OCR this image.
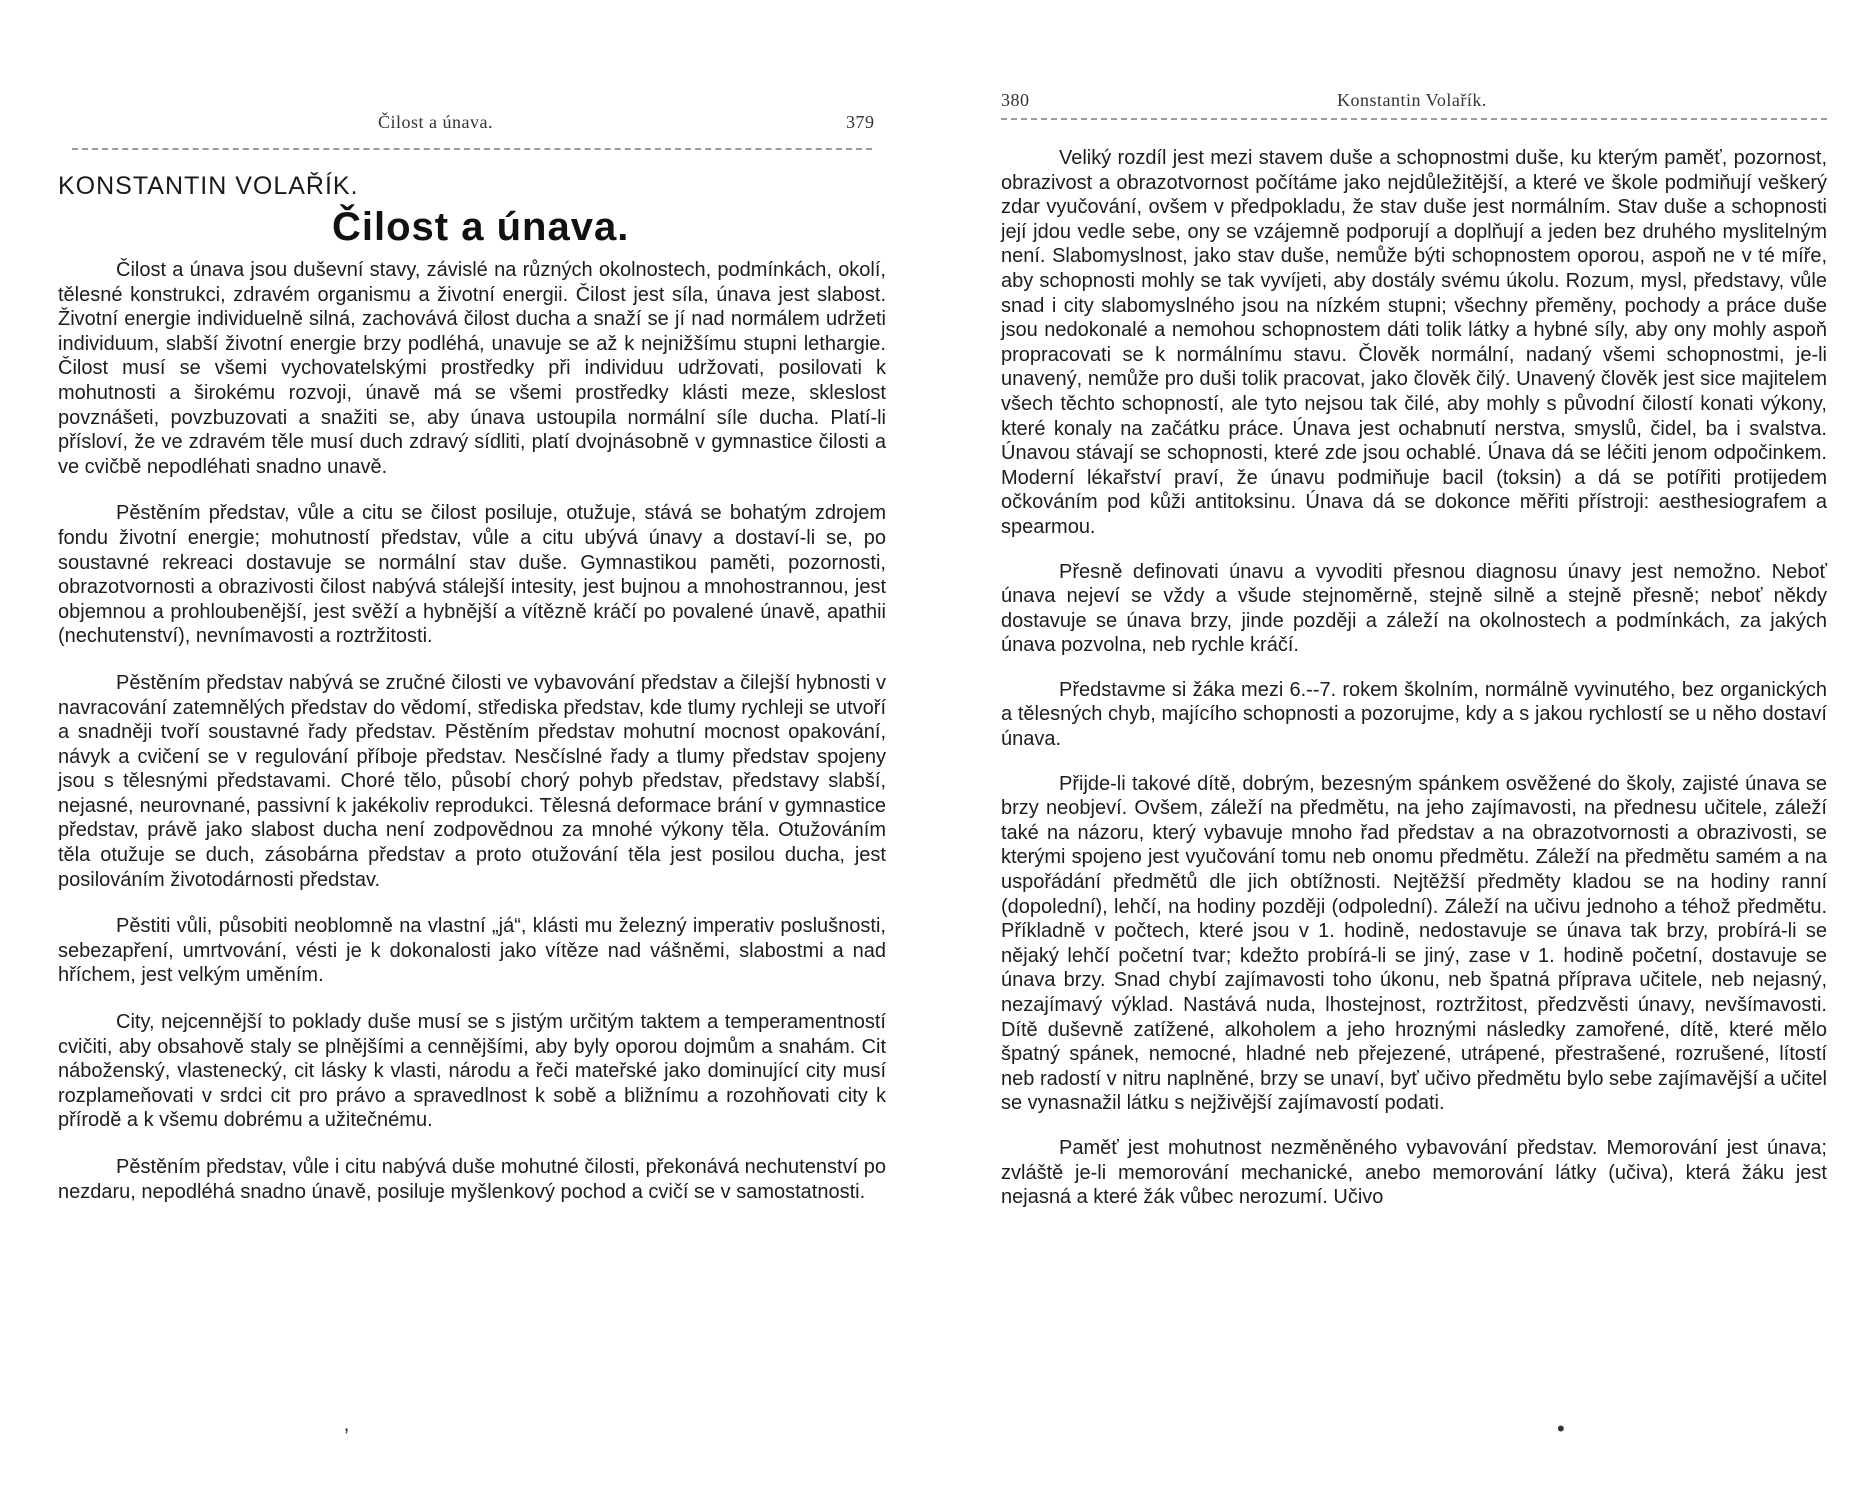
Čilost a únava.	379
KONSTANTIN VOLAŘÍK.
Čilost a únava.

Čilost a únava jsou duševní stavy, závislé na různých okolnostech, podmínkách, okolí, tělesné konstrukci, zdravém organismu a životní energii. Čilost jest síla, únava jest slabost. Životní energie individuelně silná, zachovává čilost ducha a snaží se jí nad normálem udržeti individuum, slabší životní energie brzy podléhá, unavuje se až k nejnižšímu stupni lethargie. Čilost musí se všemi vychovatelskými prostředky při individuu udržovati, posilovati k mohutnosti a širokému rozvoji, únavě má se všemi prostředky klásti meze, skleslost povznášeti, povzbuzovati a snažiti se, aby únava ustoupila normální síle ducha. Platí-li přísloví, že ve zdravém těle musí duch zdravý sídliti, platí dvojnásobně v gymnastice čilosti a ve cvičbě nepodléhati snadno unavě.

Pěstěním představ, vůle a citu se čilost posiluje, otužuje, stává se bohatým zdrojem fondu životní energie; mohutností představ, vůle a citu ubývá únavy a dostaví-li se, po soustavné rekreaci dostavuje se normální stav duše. Gymnastikou paměti, pozornosti, obrazotvornosti a obrazivosti čilost nabývá stálejší intesity, jest bujnou a mnohostrannou, jest objemnou a prohloubenější, jest svěží a hybnější a vítězně kráčí po povalené únavě, apathii (nechutenství), nevnímavosti a roztržitosti.

Pěstěním představ nabývá se zručné čilosti ve vybavování představ a čilejší hybnosti v navracování zatemnělých představ do vědomí, střediska představ, kde tlumy rychleji se utvoří a snadněji tvoří soustavné řady představ. Pěstěním představ mohutní mocnost opakování, návyk a cvičení se v regulování příboje představ. Nesčíslné řady a tlumy představ spojeny jsou s tělesnými představami. Choré tělo, působí chorý pohyb představ, představy slabší, nejasné, neurovnané, passivní k jakékoliv reprodukci. Tělesná deformace brání v gymnastice představ, právě jako slabost ducha není zodpovědnou za mnohé výkony těla. Otužováním těla otužuje se duch, zásobárna představ a proto otužování těla jest posilou ducha, jest posilováním životodárnosti představ.

Pěstiti vůli, působiti neoblomně na vlastní „já“, klásti mu železný imperativ poslušnosti, sebezapření, umrtvování, vésti je k dokonalosti jako vítěze nad vášněmi, slabostmi a nad hříchem, jest velkým uměním.

City, nejcennější to poklady duše musí se s jistým určitým taktem a temperamentností cvičiti, aby obsahově staly se plnějšími a cennějšími, aby byly oporou dojmům a snahám. Cit náboženský, vlastenecký, cit lásky k vlasti, národu a řeči mateřské jako dominující city musí rozplameňovati v srdci cit pro právo a spravedlnost k sobě a bližnímu a rozohňovati city k přírodě a k všemu dobrému a užitečnému.

Pěstěním představ, vůle i citu nabývá duše mohutné čilosti, překonává nechutenství po nezdaru, nepodléhá snadno únavě, posiluje myšlenkový pochod a cvičí se v samostatnosti.

’
380	Konstantin Volařík.

Veliký rozdíl jest mezi stavem duše a schopnostmi duše, ku kterým paměť, pozornost, obrazivost a obrazotvornost počítáme jako nejdůležitější, a které ve škole podmiňují veškerý zdar vyučování, ovšem v předpokladu, že stav duše jest normálním. Stav duše a schopnosti její jdou vedle sebe, ony se vzájemně podporují a doplňují a jeden bez druhého myslitelným není. Slabomyslnost, jako stav duše, nemůže býti schopnostem oporou, aspoň ne v té míře, aby schopnosti mohly se tak vyvíjeti, aby dostály svému úkolu. Rozum, mysl, představy, vůle snad i city slabomyslného jsou na nízkém stupni; všechny přeměny, pochody a práce duše jsou nedokonalé a nemohou schopnostem dáti tolik látky a hybné síly, aby ony mohly aspoň propracovati se k normálnímu stavu. Člověk normální, nadaný všemi schopnostmi, je-li unavený, nemůže pro duši tolik pracovat, jako člověk čilý. Unavený člověk jest sice majitelem všech těchto schopností, ale tyto nejsou tak čilé, aby mohly s původní čilostí konati výkony, které konaly na začátku práce. Únava jest ochabnutí nerstva, smyslů, čidel, ba i svalstva. Únavou stávají se schopnosti, které zde jsou ochablé. Únava dá se léčiti jenom odpočinkem. Moderní lékařství praví, že únavu podmiňuje bacil (toksin) a dá se potířiti protijedem očkováním pod kůži antitoksinu. Únava dá se dokonce měřiti přístroji: aesthesiografem a spearmou.

Přesně definovati únavu a vyvoditi přesnou diagnosu únavy jest nemožno. Neboť únava nejeví se vždy a všude stejnoměrně, stejně silně a stejně přesně; neboť někdy dostavuje se únava brzy, jinde později a záleží na okolnostech a podmínkách, za jakých únava pozvolna, neb rychle kráčí.

Představme si žáka mezi 6.--7. rokem školním, normálně vyvinutého, bez organických a tělesných chyb, majícího schopnosti a pozorujme, kdy a s jakou rychlostí se u něho dostaví únava.

Přijde-li takové dítě, dobrým, bezesným spánkem osvěžené do školy, zajisté únava se brzy neobjeví. Ovšem, záleží na předmětu, na jeho zajímavosti, na přednesu učitele, záleží také na názoru, který vybavuje mnoho řad představ a na obrazotvornosti a obrazivosti, se kterými spojeno jest vyučování tomu neb onomu předmětu. Záleží na předmětu samém a na uspořádání předmětů dle jich obtížnosti. Nejtěžší předměty kladou se na hodiny ranní (dopolední), lehčí, na hodiny později (odpolední). Záleží na učivu jednoho a téhož předmětu. Příkladně v počtech, které jsou v 1. hodině, nedostavuje se únava tak brzy, probírá-li se nějaký lehčí početní tvar; kdežto probírá-li se jiný, zase v 1. hodině početní, dostavuje se únava brzy. Snad chybí zajímavosti toho úkonu, neb špatná příprava učitele, neb nejasný, nezajímavý výklad. Nastává nuda, lhostejnost, roztržitost, předzvěsti únavy, nevšímavosti. Dítě duševně zatížené, alkoholem a jeho hroznými následky zamořené, dítě, které mělo špatný spánek, nemocné, hladné neb přejezené, utrápené, přestrašené, rozrušené, lítostí neb radostí v nitru naplněné, brzy se unaví, byť učivo předmětu bylo sebe zajímavější a učitel se vynasnažil látku s nejživější zajímavostí podati.

Paměť jest mohutnost nezměněného vybavování představ. Memorování jest únava; zvláště je-li memorování mechanické, anebo memorování látky (učiva), která žáku jest nejasná a které žák vůbec nerozumí. Učivo

•
